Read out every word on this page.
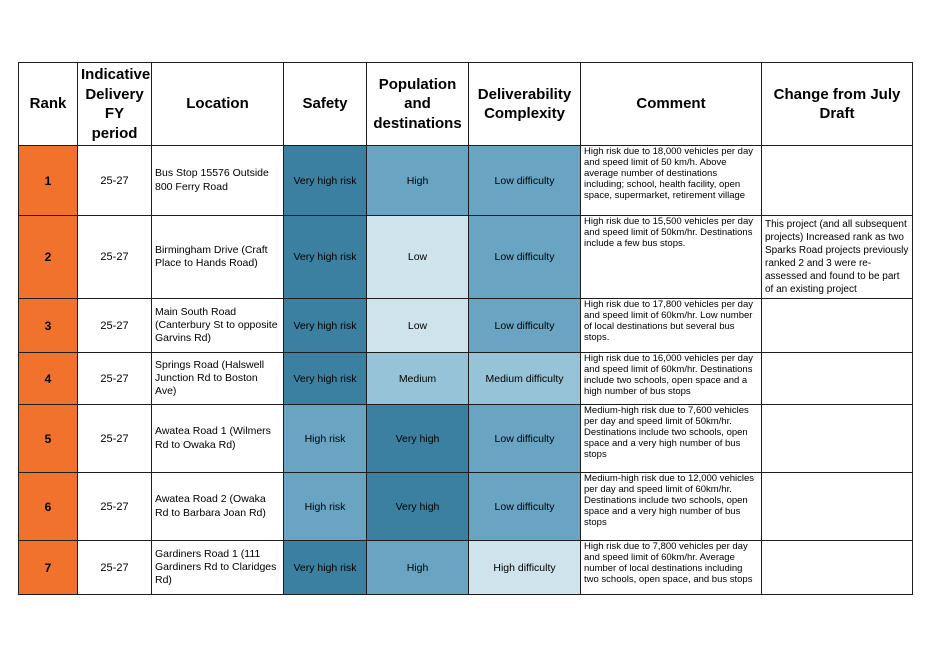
Rank	Indicative Delivery FY period	Location	Safety	Population and destinations	Deliverability Complexity	Comment	Change from July Draft
1	25-27	Bus Stop 15576 Outside 800 Ferry Road	Very high risk	High	Low difficulty	High risk due to 18,000 vehicles per day and speed limit of 50 km/h. Above average number of destinations including; school, health facility, open space, supermarket, retirement village	
2	25-27	Birmingham Drive (Craft Place to Hands Road)	Very high risk	Low	Low difficulty	High risk due to 15,500 vehicles per day and speed limit of 50km/hr. Destinations include a few bus stops.	This project (and all subsequent projects) Increased rank as two Sparks Road projects previously ranked 2 and 3 were re-assessed and found to be part of an existing project
3	25-27	Main South Road (Canterbury St to opposite Garvins Rd)	Very high risk	Low	Low difficulty	High risk due to 17,800 vehicles per day and speed limit of 60km/hr. Low number of local destinations but several bus stops.	
4	25-27	Springs Road (Halswell Junction Rd to Boston Ave)	Very high risk	Medium	Medium difficulty	High risk due to 16,000 vehicles per day and speed limit of 60km/hr. Destinations include two schools, open space and a high number of bus stops	
5	25-27	Awatea Road 1 (Wilmers Rd to Owaka Rd)	High risk	Very high	Low difficulty	Medium-high risk due to 7,600 vehicles per day and speed limit of 50km/hr. Destinations include two schools, open space and a very high number of bus stops	
6	25-27	Awatea Road 2 (Owaka Rd to Barbara Joan Rd)	High risk	Very high	Low difficulty	Medium-high risk due to 12,000 vehicles per day and speed limit of 60km/hr. Destinations include two schools, open space and a very high number of bus stops	
7	25-27	Gardiners Road 1 (111 Gardiners Rd to Claridges Rd)	Very high risk	High	High difficulty	High risk due to 7,800 vehicles per day and speed limit of 60km/hr. Average number of local destinations including two schools, open space, and bus stops	
